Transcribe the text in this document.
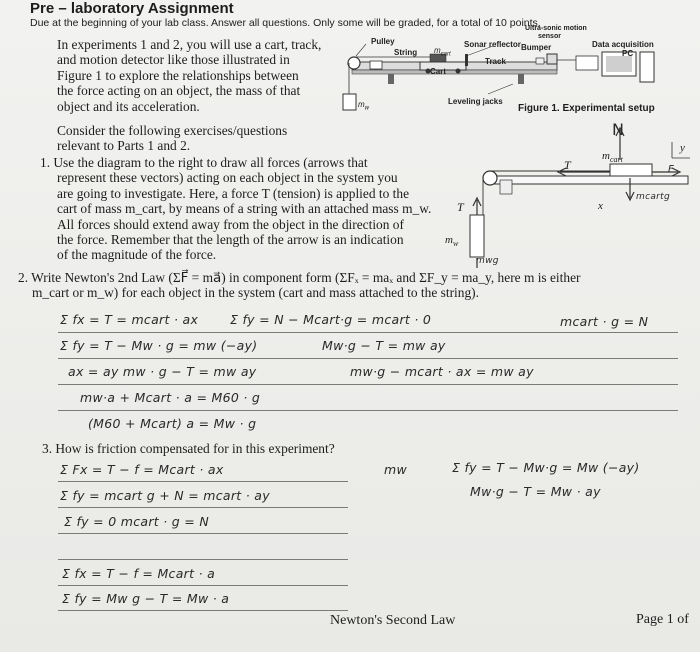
Pre – laboratory Assignment
Due at the beginning of your lab class. Answer all questions. Only some will be graded, for a total of 10 points.
In experiments 1 and 2, you will use a cart, track,
and motion detector like those illustrated in
Figure 1 to explore the relationships between
the force acting on an object, the mass of that
object and its acceleration.
Consider the following exercises/questions
relevant to Parts 1 and 2.
Pulley
String $m_{cart}$
Sonar reflector
Ultra-sonic motion
sensor
Bumper	Data acquisition
PC
Track
Cart
$m_w$
Leveling jacks
Figure 1. Experimental setup
N
T
$m_{cart}$
F
x
y
T
$m_w$
mcartg
mwg
1. Use the diagram to the right to draw all forces (arrows that
represent these vectors) acting on each object in the system you
are going to investigate. Here, a force T (tension) is applied to the
cart of mass m_cart, by means of a string with an attached mass m_w.
All forces should extend away from the object in the direction of
the force. Remember that the length of the arrow is an indication
of the magnitude of the force.
2. Write Newton's 2nd Law (ΣF⃗ = ma⃗) in component form (ΣFₓ = maₓ and ΣF_y = ma_y, here m is either
m_cart or m_w) for each object in the system (cart and mass attached to the string).
Σ fx = T = mcart · ax	Σ fy = N − Mcart·g = mcart · 0	mcart · g = N
Σ fy = T − Mw · g = mw (−ay)	Mw·g − T = mw ay
ax = ay mw · g − T = mw ay	mw·g − mcart · ax = mw ay
mw·a + Mcart · a = M60 · g
(M60 + Mcart) a = Mw · g
3. How is friction compensated for in this experiment?
Σ Fx = T − f = Mcart · ax	mw	Σ fy = T − Mw·g = Mw (−ay)
Σ fy = mcart g + N = mcart · ay	Mw·g − T = Mw · ay
Σ fy = 0 mcart · g = N
Σ fx = T − f = Mcart · a
Σ fy = Mw g − T = Mw · a
Newton's Second Law	Page 1 of
